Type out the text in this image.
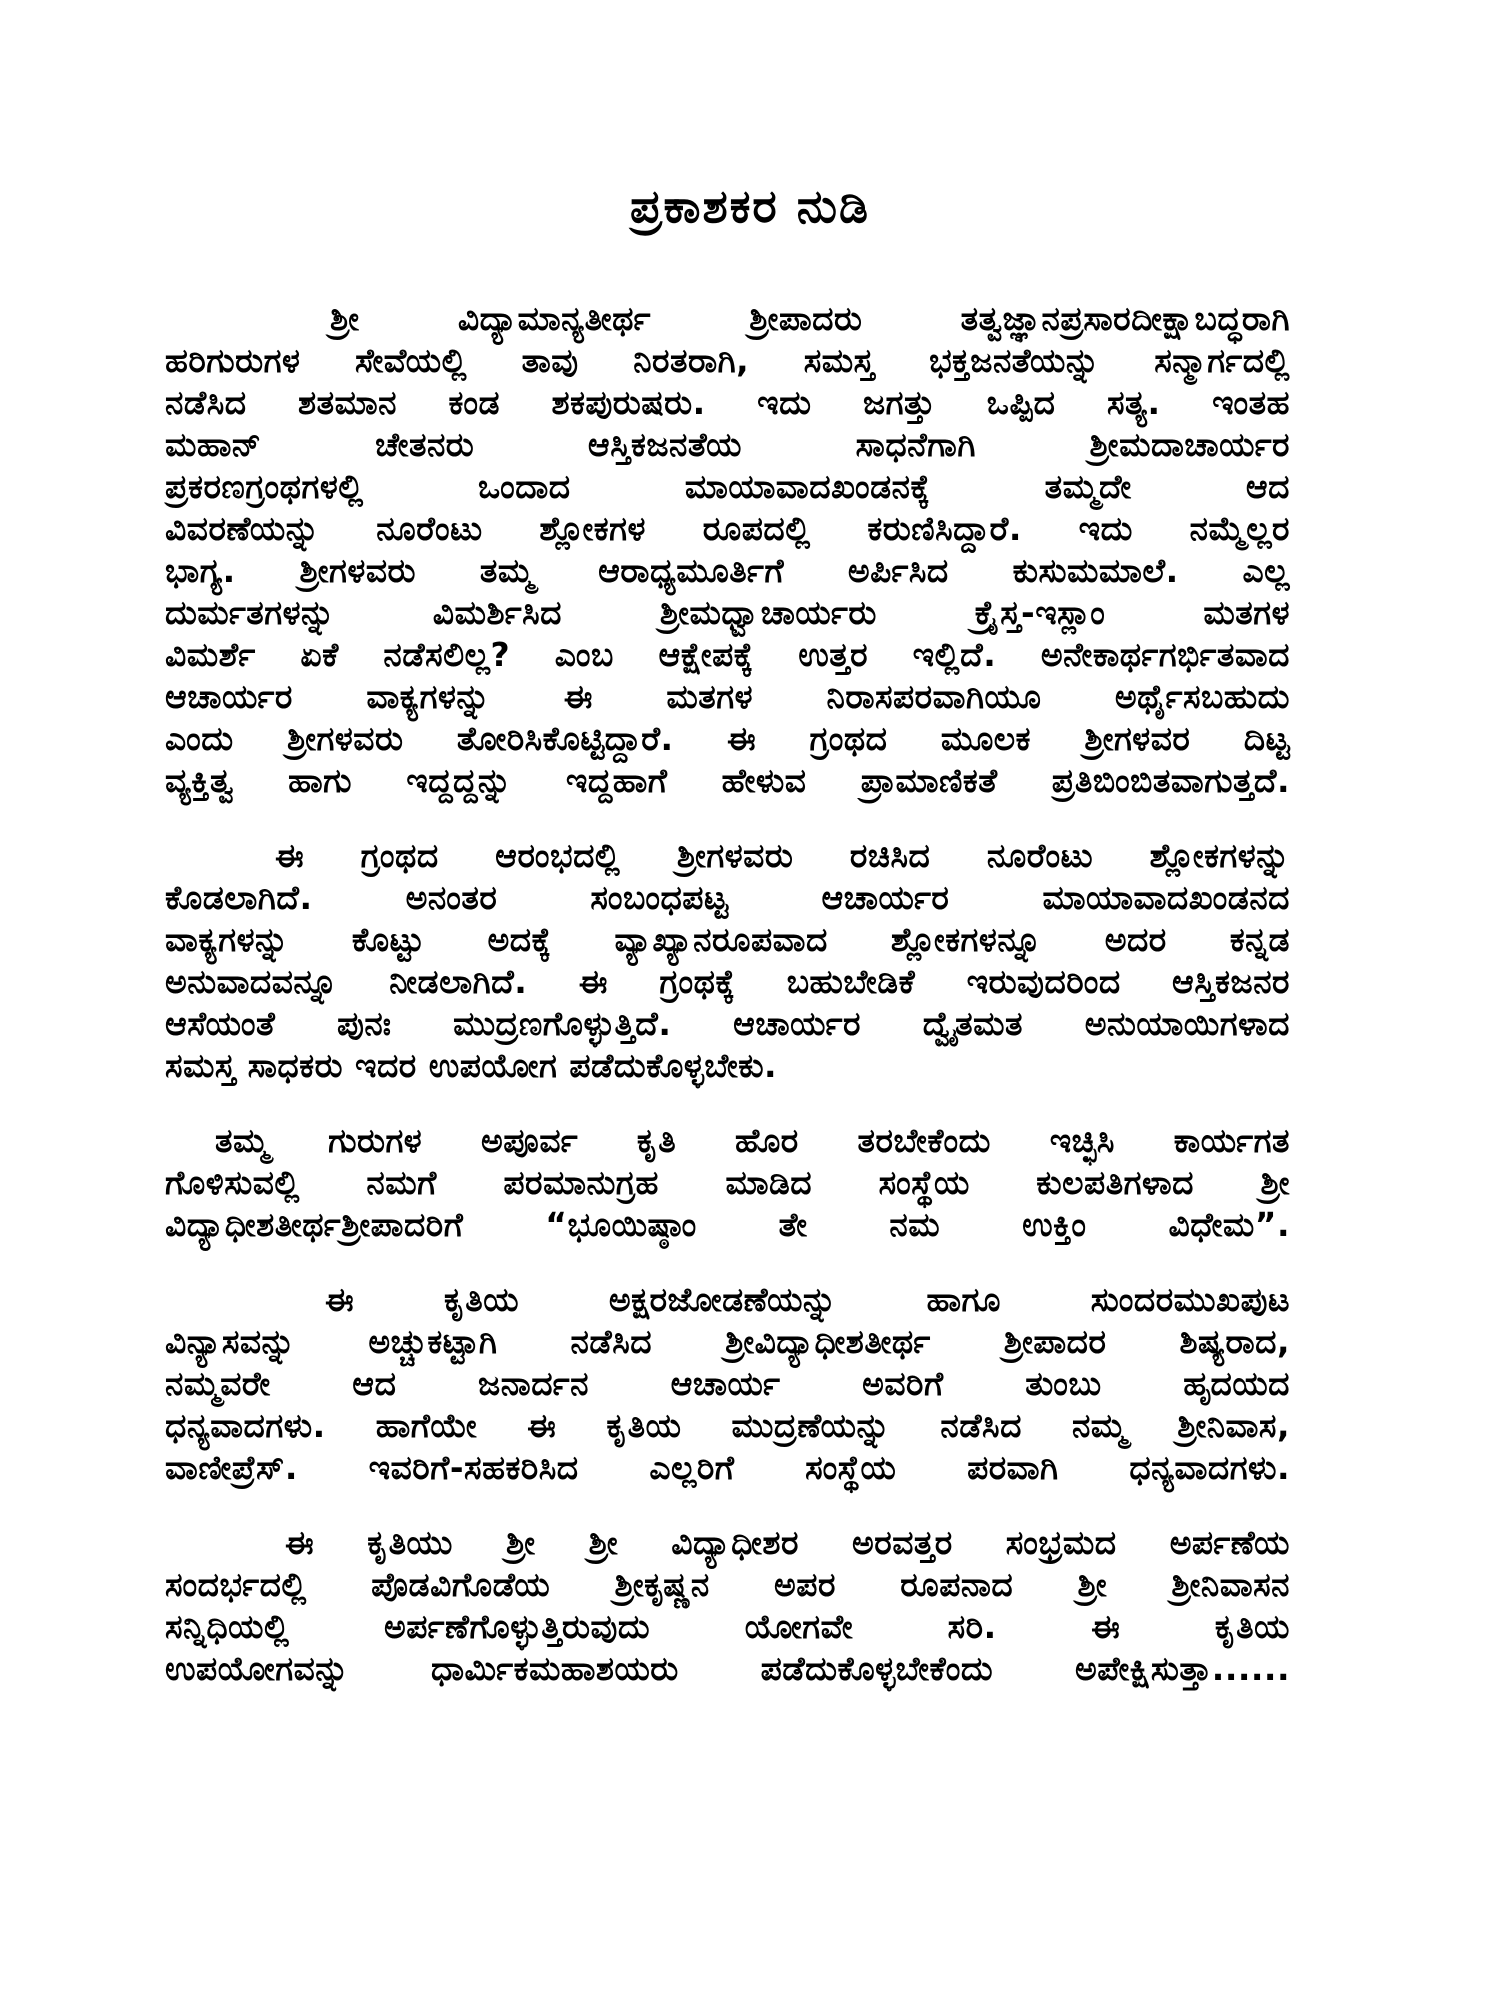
ಪ್ರಕಾಶಕರ ನುಡಿ
ಶ್ರೀ ವಿದ್ಯಾಮಾನ್ಯತೀರ್ಥ ಶ್ರೀಪಾದರು ತತ್ವಜ್ಞಾನಪ್ರಸಾರದೀಕ್ಷಾಬದ್ಧರಾಗಿ
ಹರಿಗುರುಗಳ ಸೇವೆಯಲ್ಲಿ ತಾವು ನಿರತರಾಗಿ, ಸಮಸ್ತ ಭಕ್ತಜನತೆಯನ್ನು ಸನ್ಮಾರ್ಗದಲ್ಲಿ
ನಡೆಸಿದ ಶತಮಾನ ಕಂಡ ಶಕಪುರುಷರು. ಇದು ಜಗತ್ತು ಒಪ್ಪಿದ ಸತ್ಯ. ಇಂತಹ
ಮಹಾನ್ ಚೇತನರು ಆಸ್ತಿಕಜನತೆಯ ಸಾಧನೆಗಾಗಿ ಶ್ರೀಮದಾಚಾರ್ಯರ
ಪ್ರಕರಣಗ್ರಂಥಗಳಲ್ಲಿ ಒಂದಾದ ಮಾಯಾವಾದಖಂಡನಕ್ಕೆ ತಮ್ಮದೇ ಆದ
ವಿವರಣೆಯನ್ನು ನೂರೆಂಟು ಶ್ಲೋಕಗಳ ರೂಪದಲ್ಲಿ ಕರುಣಿಸಿದ್ದಾರೆ. ಇದು ನಮ್ಮೆಲ್ಲರ
ಭಾಗ್ಯ. ಶ್ರೀಗಳವರು ತಮ್ಮ ಆರಾಧ್ಯಮೂರ್ತಿಗೆ ಅರ್ಪಿಸಿದ ಕುಸುಮಮಾಲೆ. ಎಲ್ಲ
ದುರ್ಮತಗಳನ್ನು ವಿಮರ್ಶಿಸಿದ ಶ್ರೀಮಧ್ವಾಚಾರ್ಯರು ಕ್ರೈಸ್ತ-ಇಸ್ಲಾಂ ಮತಗಳ
ವಿಮರ್ಶೆ ಏಕೆ ನಡೆಸಲಿಲ್ಲ? ಎಂಬ ಆಕ್ಷೇಪಕ್ಕೆ ಉತ್ತರ ಇಲ್ಲಿದೆ. ಅನೇಕಾರ್ಥಗರ್ಭಿತವಾದ
ಆಚಾರ್ಯರ ವಾಕ್ಯಗಳನ್ನು ಈ ಮತಗಳ ನಿರಾಸಪರವಾಗಿಯೂ ಅರ್ಥೈಸಬಹುದು
ಎಂದು ಶ್ರೀಗಳವರು ತೋರಿಸಿಕೊಟ್ಟಿದ್ದಾರೆ. ಈ ಗ್ರಂಥದ ಮೂಲಕ ಶ್ರೀಗಳವರ ದಿಟ್ಟ
ವ್ಯಕ್ತಿತ್ವ ಹಾಗು ಇದ್ದದ್ದನ್ನು ಇದ್ದಹಾಗೆ ಹೇಳುವ ಪ್ರಾಮಾಣಿಕತೆ ಪ್ರತಿಬಿಂಬಿತವಾಗುತ್ತದೆ.
ಈ ಗ್ರಂಥದ ಆರಂಭದಲ್ಲಿ ಶ್ರೀಗಳವರು ರಚಿಸಿದ ನೂರೆಂಟು ಶ್ಲೋಕಗಳನ್ನು
ಕೊಡಲಾಗಿದೆ. ಅನಂತರ ಸಂಬಂಧಪಟ್ಟ ಆಚಾರ್ಯರ ಮಾಯಾವಾದಖಂಡನದ
ವಾಕ್ಯಗಳನ್ನು ಕೊಟ್ಟು ಅದಕ್ಕೆ ವ್ಯಾಖ್ಯಾನರೂಪವಾದ ಶ್ಲೋಕಗಳನ್ನೂ ಅದರ ಕನ್ನಡ
ಅನುವಾದವನ್ನೂ ನೀಡಲಾಗಿದೆ. ಈ ಗ್ರಂಥಕ್ಕೆ ಬಹುಬೇಡಿಕೆ ಇರುವುದರಿಂದ ಆಸ್ತಿಕಜನರ
ಆಸೆಯಂತೆ ಪುನಃ ಮುದ್ರಣಗೊಳ್ಳುತ್ತಿದೆ. ಆಚಾರ್ಯರ ದ್ವೈತಮತ ಅನುಯಾಯಿಗಳಾದ
ಸಮಸ್ತ ಸಾಧಕರು ಇದರ ಉಪಯೋಗ ಪಡೆದುಕೊಳ್ಳಬೇಕು.
ತಮ್ಮ ಗುರುಗಳ ಅಪೂರ್ವ ಕೃತಿ ಹೊರ ತರಬೇಕೆಂದು ಇಚ್ಛಿಸಿ ಕಾರ್ಯಗತ
ಗೊಳಿಸುವಲ್ಲಿ ನಮಗೆ ಪರಮಾನುಗ್ರಹ ಮಾಡಿದ ಸಂಸ್ಥೆಯ ಕುಲಪತಿಗಳಾದ ಶ್ರೀ
ವಿದ್ಯಾಧೀಶತೀರ್ಥಶ್ರೀಪಾದರಿಗೆ “ಭೂಯಿಷ್ಠಾಂ ತೇ ನಮ ಉಕ್ತಿಂ ವಿಧೇಮ”.
ಈ ಕೃತಿಯ ಅಕ್ಷರಜೋಡಣೆಯನ್ನು ಹಾಗೂ ಸುಂದರಮುಖಪುಟ
ವಿನ್ಯಾಸವನ್ನು ಅಚ್ಚುಕಟ್ಟಾಗಿ ನಡೆಸಿದ ಶ್ರೀವಿದ್ಯಾಧೀಶತೀರ್ಥ ಶ್ರೀಪಾದರ ಶಿಷ್ಯರಾದ,
ನಮ್ಮವರೇ ಆದ ಜನಾರ್ದನ ಆಚಾರ್ಯ ಅವರಿಗೆ ತುಂಬು ಹೃದಯದ
ಧನ್ಯವಾದಗಳು. ಹಾಗೆಯೇ ಈ ಕೃತಿಯ ಮುದ್ರಣೆಯನ್ನು ನಡೆಸಿದ ನಮ್ಮ ಶ್ರೀನಿವಾಸ,
ವಾಣೀಪ್ರೆಸ್. ಇವರಿಗೆ-ಸಹಕರಿಸಿದ ಎಲ್ಲರಿಗೆ ಸಂಸ್ಥೆಯ ಪರವಾಗಿ ಧನ್ಯವಾದಗಳು.
ಈ ಕೃತಿಯು ಶ್ರೀ ಶ್ರೀ ವಿದ್ಯಾಧೀಶರ ಅರವತ್ತರ ಸಂಭ್ರಮದ ಅರ್ಪಣೆಯ
ಸಂದರ್ಭದಲ್ಲಿ ಪೊಡವಿಗೊಡೆಯ ಶ್ರೀಕೃಷ್ಣನ ಅಪರ ರೂಪನಾದ ಶ್ರೀ ಶ್ರೀನಿವಾಸನ
ಸನ್ನಿಧಿಯಲ್ಲಿ ಅರ್ಪಣೆಗೊಳ್ಳುತ್ತಿರುವುದು ಯೋಗವೇ ಸರಿ. ಈ ಕೃತಿಯ
ಉಪಯೋಗವನ್ನು ಧಾರ್ಮಿಕಮಹಾಶಯರು ಪಡೆದುಕೊಳ್ಳಬೇಕೆಂದು ಅಪೇಕ್ಷಿಸುತ್ತಾ......
